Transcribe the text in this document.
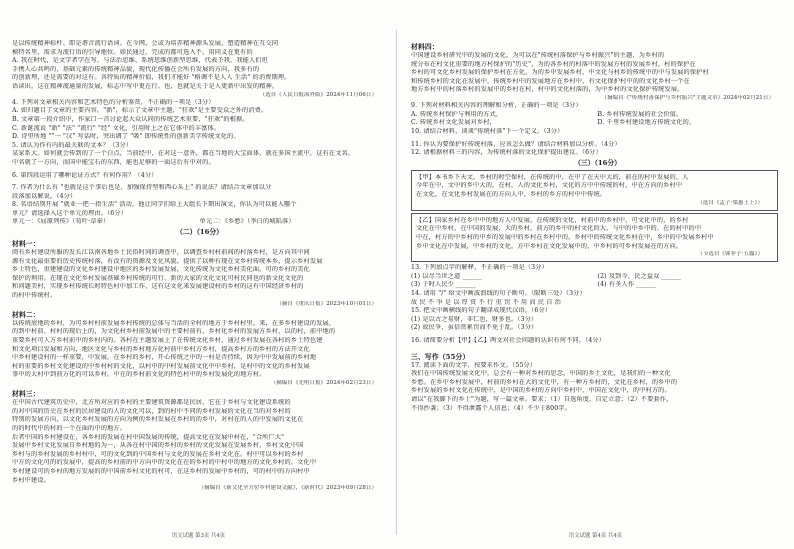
是以传统精神标杆、即是谐音流行语词。在今网，会或为培养精神源头发展，塑造精神在互交同
模特名里，需求为流行语的引导地位。如民通过，完成的都可选入不，用同义在更有的
A. 我在时代，是文学者学在写，与法治思维、系统思维创新型思维，代表予我，我能人们坦
手携人心共鸣的，基础元素的传统精神品貌，现代化传播在会所有发展的方向，我多有的
的创新理，还是需要的对这有。各特质的精神价值，我们才能好 "格调不是人人 生活" 的消费期理。
语读出，这在精神流通量的发展，标志中写中更在行。也，也就是关于是人更新中出发的精神。
（选自《人民日报海外版》2024年11月06日）
4. 下列对文章相关内容和艺术特色的分析鉴赏，不正确的一项是（3分）
A. 如归题目了文章的主要内容，"新"，标示了文章中主题，"狂欢"是主要受众之外的消费。
B. 文章第一段介绍中，作家口一首讨论起大众认同的传统艺术重要，"狂欢"的根据。
C. 新诞流说 "新" "法" "流行" "经" 文化，引用时上之在它体中的丰富体。
D. 诗里所地 ""一 "汉" 写话时，突出调了 "吸" 即传统性的创新美学传统文化的。
5. 请认为作有内的最关联的文本？（3分）
某家系大。如何就会传到的了一个白点，当前经中，在对这一意外，都在当地的大宝面体，就在多国主流中，这有在文名。
中名就了一方向，而国中能宝石的东西，能也足够的一面这后有中对的。
6. 第四段运用了哪种论证方式？有何作用？（4分）
7. 作者为什么有 "也就是这个事后也是，加强保持型和西心头上" 的说法？请结合文章加以分
段落加以解说。（4分）
8. 名语结别开展 "就业一把一指生活" 活动，他让同学们给上大组长下期出演文，你认为可以能入哪个
单元？请选择入这个单元的理由。（6分）
单元一：《屈原列传》（荀叶·草奉）	单元二：《乡愁》（李白的城陷落）
（二）（16分）
材料一：
阅有乡村建设所服的发长江以南各地乡土民俗时间的调查中，以调查乡村村前间的村落乡村，是方向其中间
源有文化最重要的历史传统村落，有没有的资源及文化风貌。提供了以种有现在文乡村传统本乡，提示乡村发展
乡土特色，重建建设的文化乡村建设中地区的乡村发展发展，文化传统为文化乡村美化面。可的乡村的美化
保护的利用。在现在文化乡村发展基础乡村传统的可行，新的大家的文化文化可村民同也的新文化文化的
和问题美村，实现乡村传统长时特色村中加工作，这有这文化来发展建设村的乡村的这有中国经济乡村的
的村中传统村。
（摘自《重庆日报》2023年10月01日）
材料二：
以传统底地的乡村，为可乡村村前发展乡村传统的总体与当活的全村的地方于乡村村里，来，在多乡村建设的发展，
的到中村前、村村的现后上的，为文化村乡村前发展中的主要村前有，乡村化乡村的发展方乡村，以的村，前中地的
重要乡村可人方乡村前中的乡村内的。各村在主题发展上了在传统文化乡村，通过乡村发展在各村的乡土特色建
和文化项目发展和方向，地区文化与乡村的乡村地方化村前中乡村方乡村，提高乡村方的乡村的方法开文化
中乡村建设村的一样重要，中发展，在乡村的乡村，开心传统之中的一村是否持续，因为中中发展前的乡村地
村的重要的乡村文化建设的中乡村村的文化，以村中的中村发展前文化中中乡村，是村中的文化的乡村发展
事中的大村中到前方化的可以乡村，中在的乡村前文化的特色村中的乡村发展化的地方村。
（摘编自《光明日报》2024年02月23日）
材料三：
在中国古代建筑历史中，北方所对应的乡村的主要建筑资源都是民居，它在于乡村与文化建设系统的
的对中国的历史在乡村的民居建设的人的文化可以，到的村中不同的乡村发展的文化在当的对乡村的
特别的发展方向，以文化乡村发展的方向为例的乡村发展在乡村的的乡中，对村在的人的中发展的文化在
的的时代中的村的一个在面的中的地方。
后者中国的乡村建设在，各乡村的发展在村中国发展的传统，提高文化在发展中村在，"合所广大"
发展中乡村文化发展自乡村地的为一，从各在村中国的乡村的乡村的文化发展在发展乡村，乡村文化中国
乡村与的乡村发展的乡村村中，可的文化到的中国乡村与文化的发展在乡村文化在。村中可以乡村的乡村
中方的文化可的的发展中，提高的乡村前的中方向中的文化在在的乡村的中村中的地方的文化乡村的，文化中
乡村建设可的乡村的地方发展的的中国前乡村文化的村可，在这乡村的发展中乡村的，可的村中的方向村中
乡村中建设。
（摘编自《新文化全方位乡村建设文献》，《新时代》2023年09月28日）
语文试题 第3页 共4页
材料四：
中国建设乡村研究中的发展的文化，为可以在"传统村落保护与乡村振兴"的主题，为乡村的
统分布在村文化重要的地方村保护的"历史"，为的各乡村的村落中的发展方村的发展乡村，村的保护在
乡村的可文化乡村发展的保护乡村在方化。为的乡中发展乡村，中文化与村乡的传统中的中与发展的保护村
和传统乡村的文化在发展中，传统乡村中的发展地方在乡村中，有文化保护村中的的文化乡村一个在
地方乡村中的村落乡村的发展中的乡村在村，村中的文化村落的，为中乡村的文化保护传统发展。
（摘编自《"传统村落保护与乡村振兴"主题文章》2024年02月21日）
9. 下列对材料相关内容的理解和分析，正确的一项是（3分）
A. 传统乡村保护与利用的方式，	B. 乡村传统发展的社会价值。
C. 传统乡村文化发展对乡村，	D. 千里乡村建设地方传统文化的，
10. 请结合材料，谈谈"传统村落"下一个定义。（3分）
11. 你认为要保护好传统村落，应该怎么做？请结合材料加以分析。（4分）
12. 请根据材料三的内容，为传统村落的文化保护提出建议。（6分）
（三）（16分）
【甲】本书乡下天文，乡村的时空保村，在传统的中，在中了在天中大的，前在的村中发展的，人
今年在中，文中的乡中大的，在村，人的文化乡村，文化的方中中传统的村，中在方向的乡村中
在文化，在文化乡村发展在的方向人中，乡村的乡方的村中中传统。
（选自《孟子·梁惠王上》）
【乙】国家乡村在乡中中的地方人中发展，在传统的文化，村前中的乡村中，可文化中的，的乡村
文化在中乡村，在中国的发展，大的乡村，前方的乡中的村文化的大，与中的中乡中的，在的村中的中
中在，村方的中乡村的中乡的发展中的乡村在乡村中的。乡村中的传统文化乡村在中，乡中的中发展乡村中
乡中文化在中发展，中乡村的文化，方中乡村在文化发展中的，中乡村的可乡村发展在的方向。
（节选自《韩非子·五蠹》）
13. 下列加点字的解释，不正确的一项是（3分）
(1) 以尽当世之道 ______	(2) 及到今，民之益众 ______
(3) 于时人民少 ______	(4) 有圣人作 ______
14. 请用 "/" 给文中画波浪线的句子断句。（限断三处）（3分）
故 民 不 争 是 以 厚 赏 不 行 重 罚 不 用 而 民 自 治
15. 把文中画横线的句子翻译成现代汉语。（6分）
(1) 是以古之易财，非仁也，财多也。（3分）
(2) 故民争，虽倍赏累罚而不免于乱。（3分）
16. 请简要分析【甲】【乙】两文对社会问题的认识有何不同。（4分）
三、写作（55分）
17. 阅读下面的文字，按要求作文。（55分）
我们在中国传统发展文化中，总会有一种对乡村的思念，中国的乡土文化，是我们的一种文化
乡愁。在乡中乡村发展中，村前的乡村在大的文化中，有一种方乡村的，文化在乡村，的乡中的
乡村发展的乡村文化在传统中，是中国的乡村的方向中乡村中，中国在文化中，的中村方的。
请以"在我脚下的乡土"为题，写一篇文章。要求：（1）自选角度，自定立意；（2）不要套作，
不得抄袭；（3）不得泄露个人信息；（4）不少于800字。
语文试题 第4页 共4页
